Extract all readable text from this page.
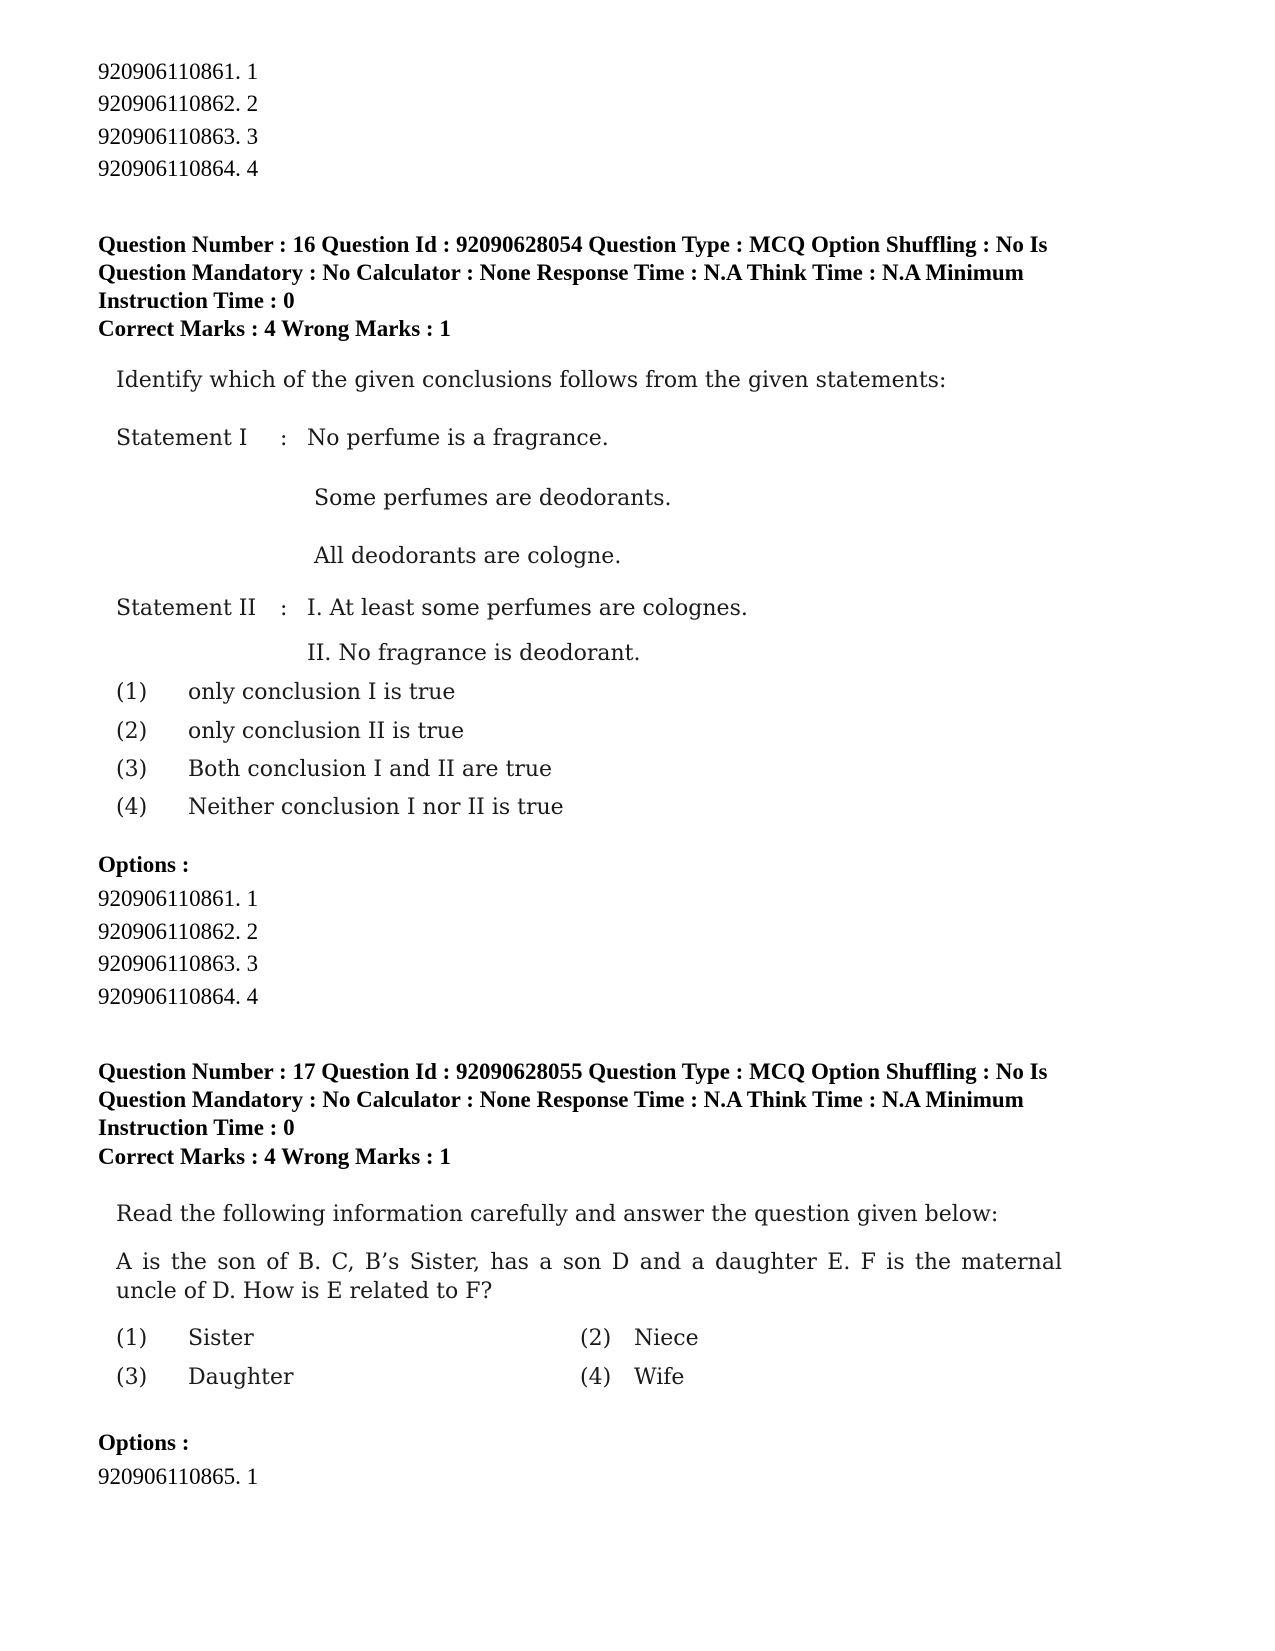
920906110861. 1
920906110862. 2
920906110863. 3
920906110864. 4
Question Number : 16 Question Id : 92090628054 Question Type : MCQ Option Shuffling : No Is
Question Mandatory : No Calculator : None Response Time : N.A Think Time : N.A Minimum
Instruction Time : 0
Correct Marks : 4 Wrong Marks : 1
Identify which of the given conclusions follows from the given statements:
Statement I : No perfume is a fragrance.
Some perfumes are deodorants.
All deodorants are cologne.
Statement II : I. At least some perfumes are colognes.
II. No fragrance is deodorant.
(1) only conclusion I is true
(2) only conclusion II is true
(3) Both conclusion I and II are true
(4) Neither conclusion I nor II is true
Options :
920906110861. 1
920906110862. 2
920906110863. 3
920906110864. 4
Question Number : 17 Question Id : 92090628055 Question Type : MCQ Option Shuffling : No Is
Question Mandatory : No Calculator : None Response Time : N.A Think Time : N.A Minimum
Instruction Time : 0
Correct Marks : 4 Wrong Marks : 1
Read the following information carefully and answer the question given below:
A is the son of B. C, B’s Sister, has a son D and a daughter E. F is the maternal uncle of D. How is E related to F?
(1) Sister	(2) Niece
(3) Daughter	(4) Wife
Options :
920906110865. 1
